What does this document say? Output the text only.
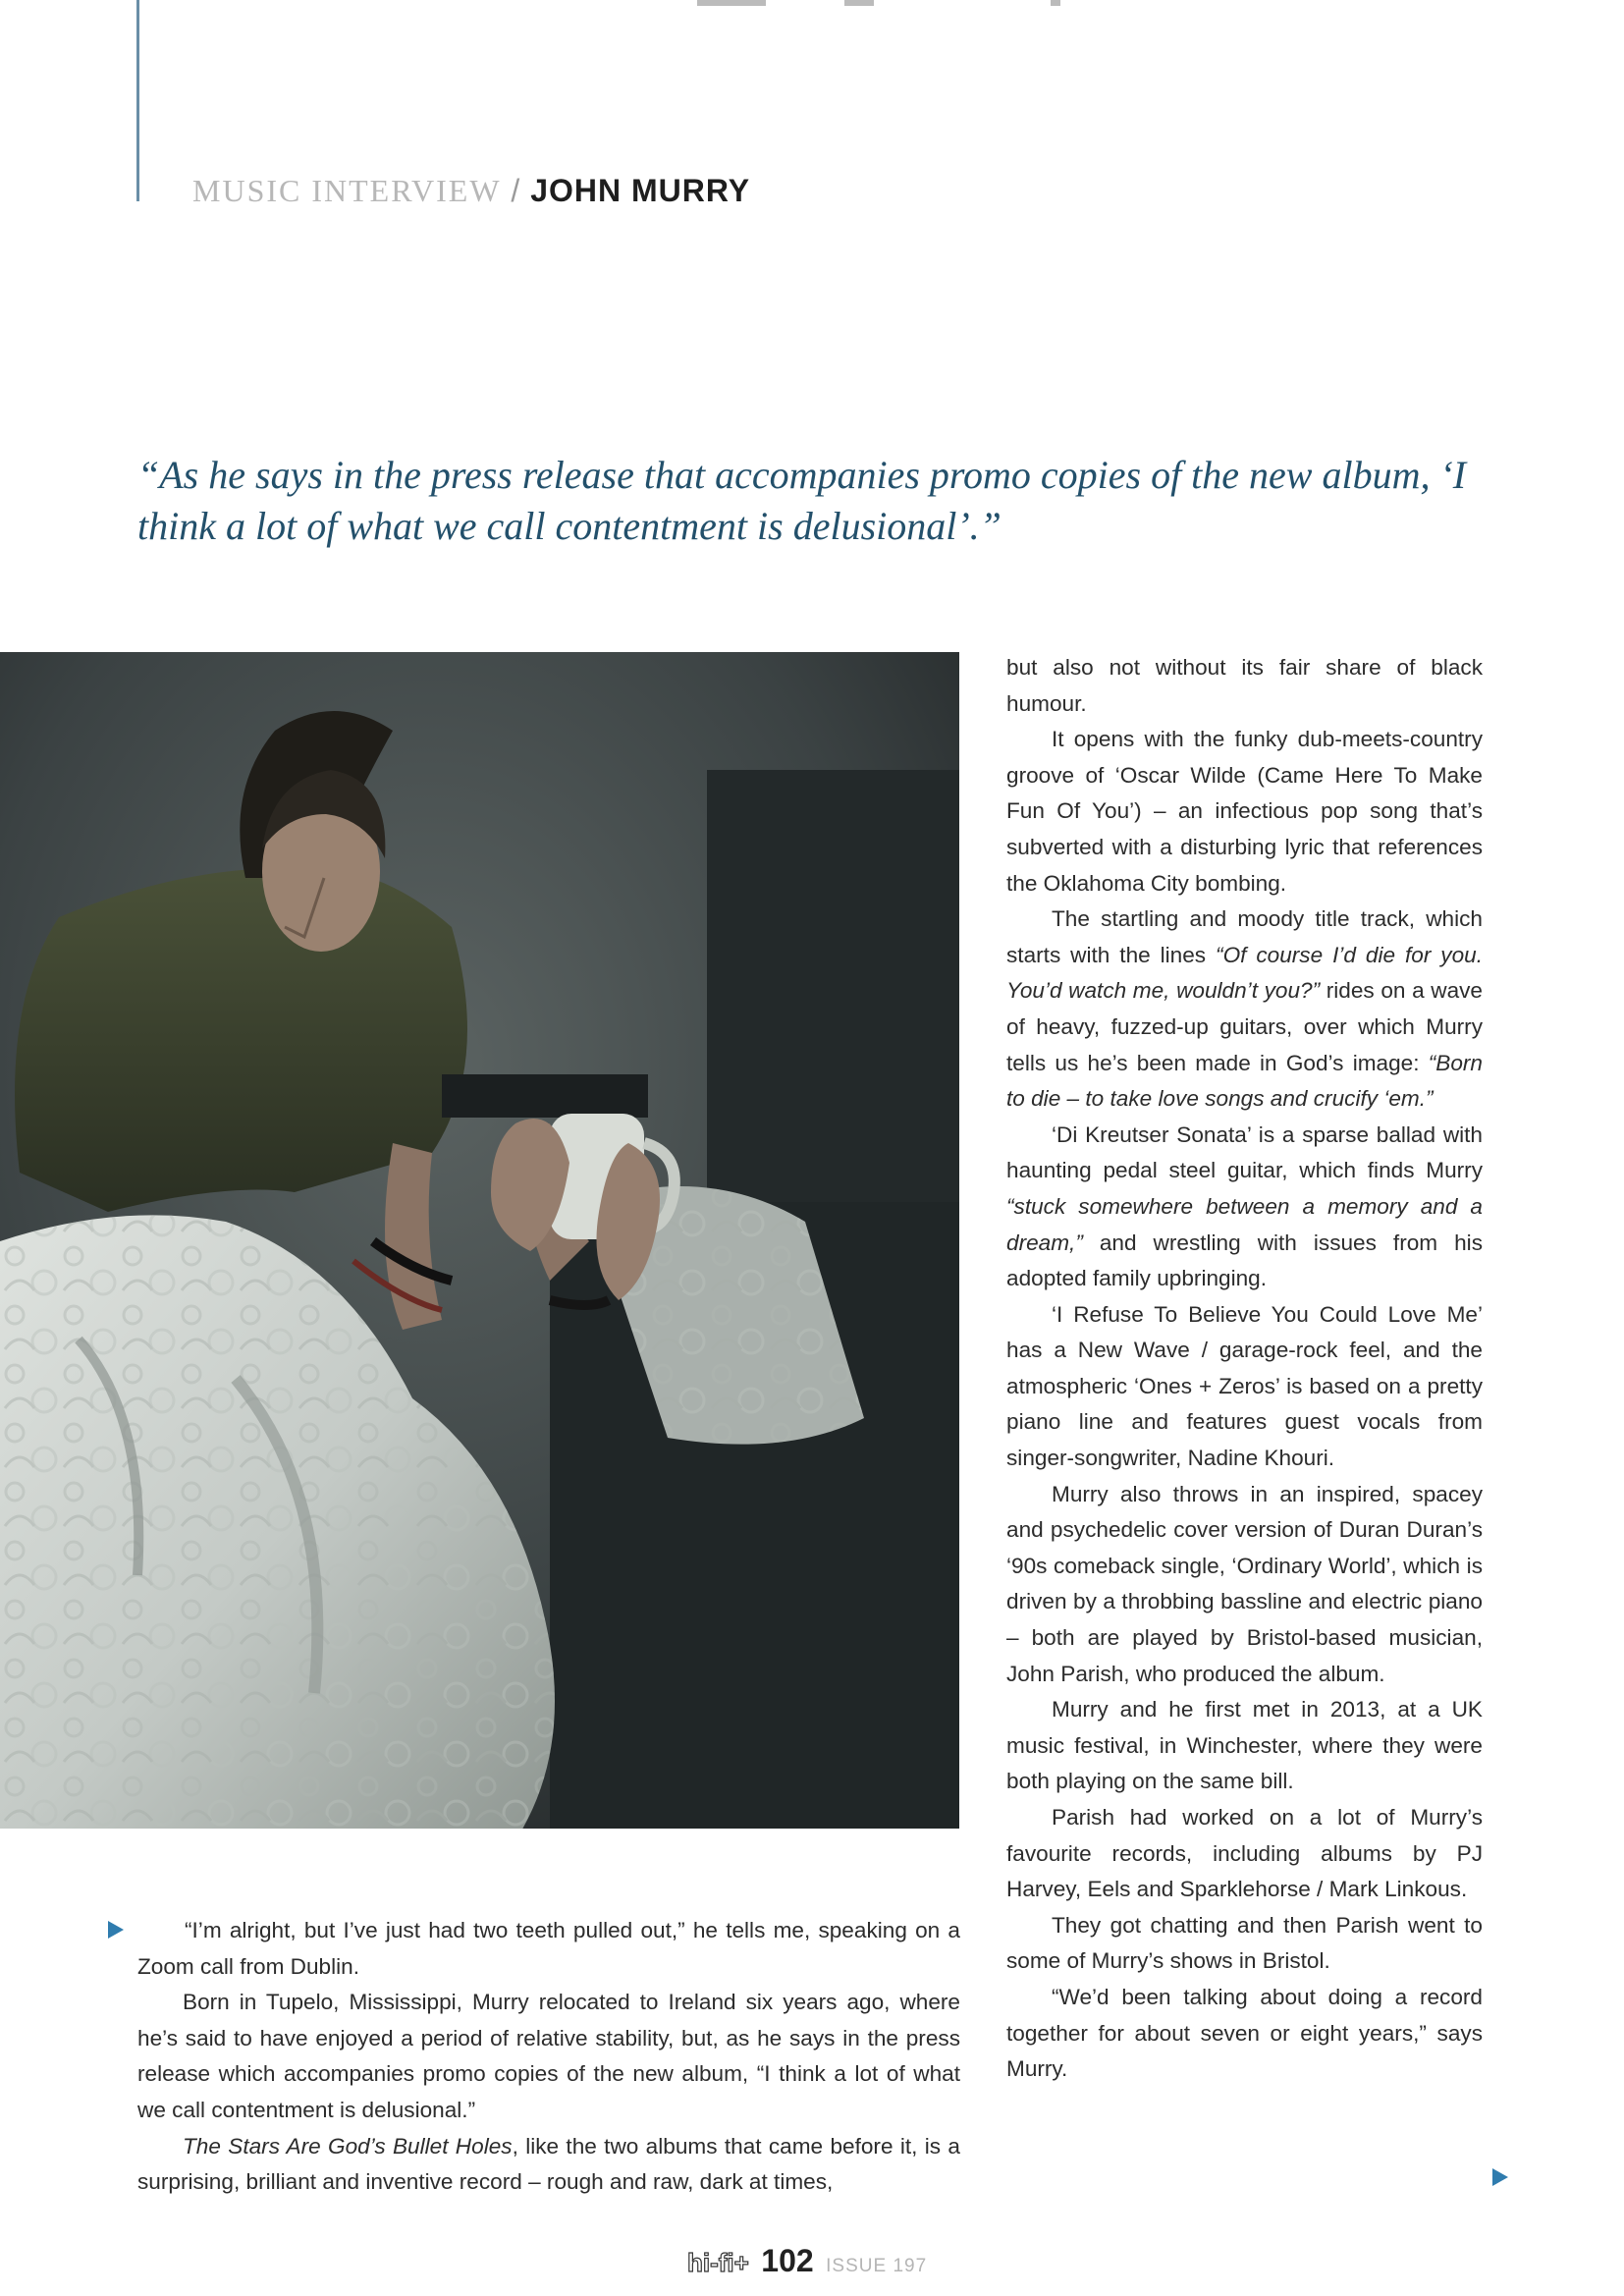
MUSIC INTERVIEW / JOHN MURRY
“As he says in the press release that accompanies promo copies of the new album, ‘I think a lot of what we call contentment is delusional’.”

“I’m alright, but I’ve just had two teeth pulled out,” he tells me, speaking on a Zoom call from Dublin.

Born in Tupelo, Mississippi, Murry relocated to Ireland six years ago, where he’s said to have enjoyed a period of relative stability, but, as he says in the press release which accompanies promo copies of the new album, “I think a lot of what we call contentment is delusional.”

The Stars Are God’s Bullet Holes, like the two albums that came before it, is a surprising, brilliant and inventive record – rough and raw, dark at times,

but also not without its fair share of black humour.

It opens with the funky dub-meets-country groove of ‘Oscar Wilde (Came Here To Make Fun Of You’) – an infectious pop song that’s subverted with a disturbing lyric that references the Oklahoma City bombing.

The startling and moody title track, which starts with the lines “Of course I’d die for you. You’d watch me, wouldn’t you?” rides on a wave of heavy, fuzzed-up guitars, over which Murry tells us he’s been made in God’s image: “Born to die – to take love songs and crucify ‘em.”

‘Di Kreutser Sonata’ is a sparse ballad with haunting pedal steel guitar, which finds Murry “stuck somewhere between a memory and a dream,” and wrestling with issues from his adopted family upbringing.

‘I Refuse To Believe You Could Love Me’ has a New Wave / garage-rock feel, and the atmospheric ‘Ones + Zeros’ is based on a pretty piano line and features guest vocals from singer-songwriter, Nadine Khouri.

Murry also throws in an inspired, spacey and psychedelic cover version of Duran Duran’s ‘90s comeback single, ‘Ordinary World’, which is driven by a throbbing bassline and electric piano – both are played by Bristol-based musician, John Parish, who produced the album.

Murry and he first met in 2013, at a UK music festival, in Winchester, where they were both playing on the same bill.

Parish had worked on a lot of Murry’s favourite records, including albums by PJ Harvey, Eels and Sparklehorse / Mark Linkous.

They got chatting and then Parish went to some of Murry’s shows in Bristol.

“We’d been talking about doing a record together for about seven or eight years,” says Murry.

hi-fi+ 102 ISSUE 197
